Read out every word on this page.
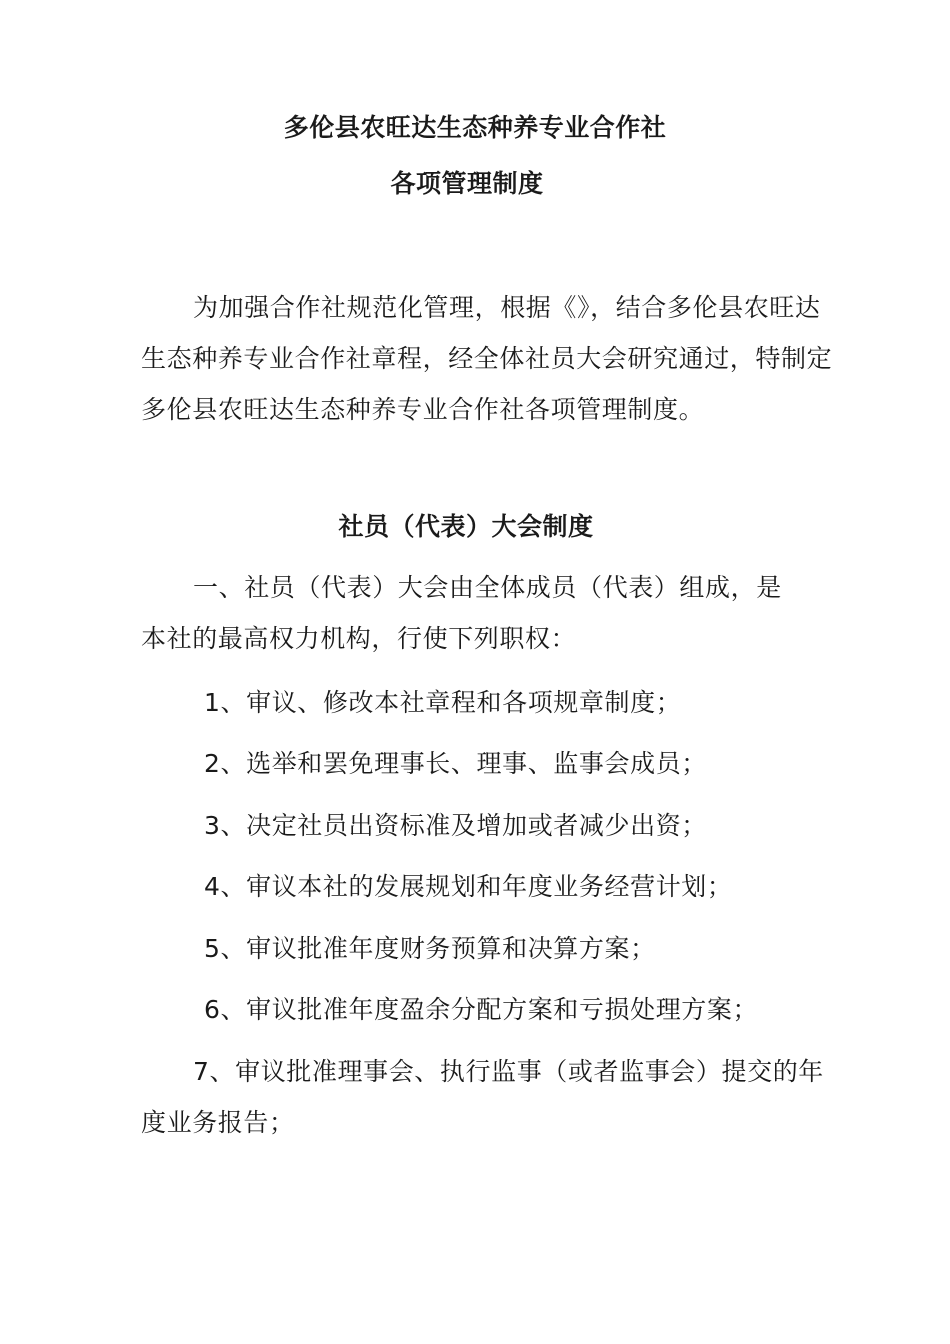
多伦县农旺达生态种养专业合作社
各项管理制度

为加强合作社规范化管理，根据《》，结合多伦县农旺达生态种养专业合作社章程，经全体社员大会研究通过，特制定多伦县农旺达生态种养专业合作社各项管理制度。

社员（代表）大会制度

一、社员（代表）大会由全体成员（代表）组成，是本社的最高权力机构，行使下列职权：

1、审议、修改本社章程和各项规章制度；

2、选举和罢免理事长、理事、监事会成员；

3、决定社员出资标准及增加或者减少出资；

4、审议本社的发展规划和年度业务经营计划；

5、审议批准年度财务预算和决算方案；

6、审议批准年度盈余分配方案和亏损处理方案；

7、审议批准理事会、执行监事（或者监事会）提交的年度业务报告；
